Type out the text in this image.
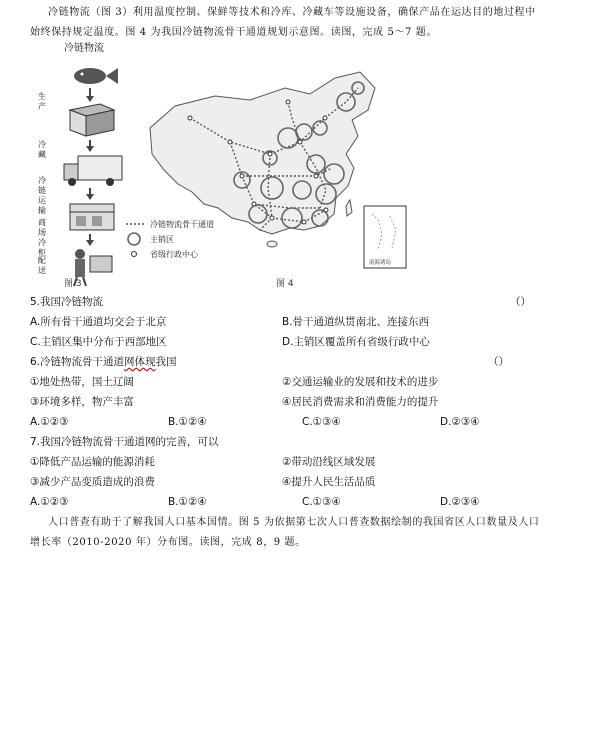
冷链物流（图 3）利用温度控制、保鲜等技术和冷库、冷藏车等设施设备，确保产品在运达目的地过程中
始终保持规定温度。图 4 为我国冷链物流骨干通道规划示意图。读图，完成 5～7 题。
冷链物流
生产
冷藏
冷链运输
商场冷柜
配送
图 3
冷链物流骨干通道
主销区
省级行政中心
南海诸岛
图 4
5.我国冷链物流	（）
A.所有骨干通道均交会于北京	B.骨干通道纵贯南北、连接东西
C.主销区集中分布于西部地区	D.主销区覆盖所有省级行政中心
6.冷链物流骨干通道网体现我国	（）
①地处热带，国土辽阔	②交通运输业的发展和技术的进步
③环境多样，物产丰富	④居民消费需求和消费能力的提升
A.①②③	B.①②④	C.①③④	D.②③④
7.我国冷链物流骨干通道网的完善，可以
①降低产品运输的能源消耗	②带动沿线区域发展
③减少产品变质造成的浪费	④提升人民生活品质
A.①②③	B.①②④	C.①③④	D.②③④
人口普查有助于了解我国人口基本国情。图 5 为依据第七次人口普查数据绘制的我国省区人口数量及人口
增长率（2010-2020 年）分布图。读图，完成 8，9 题。
